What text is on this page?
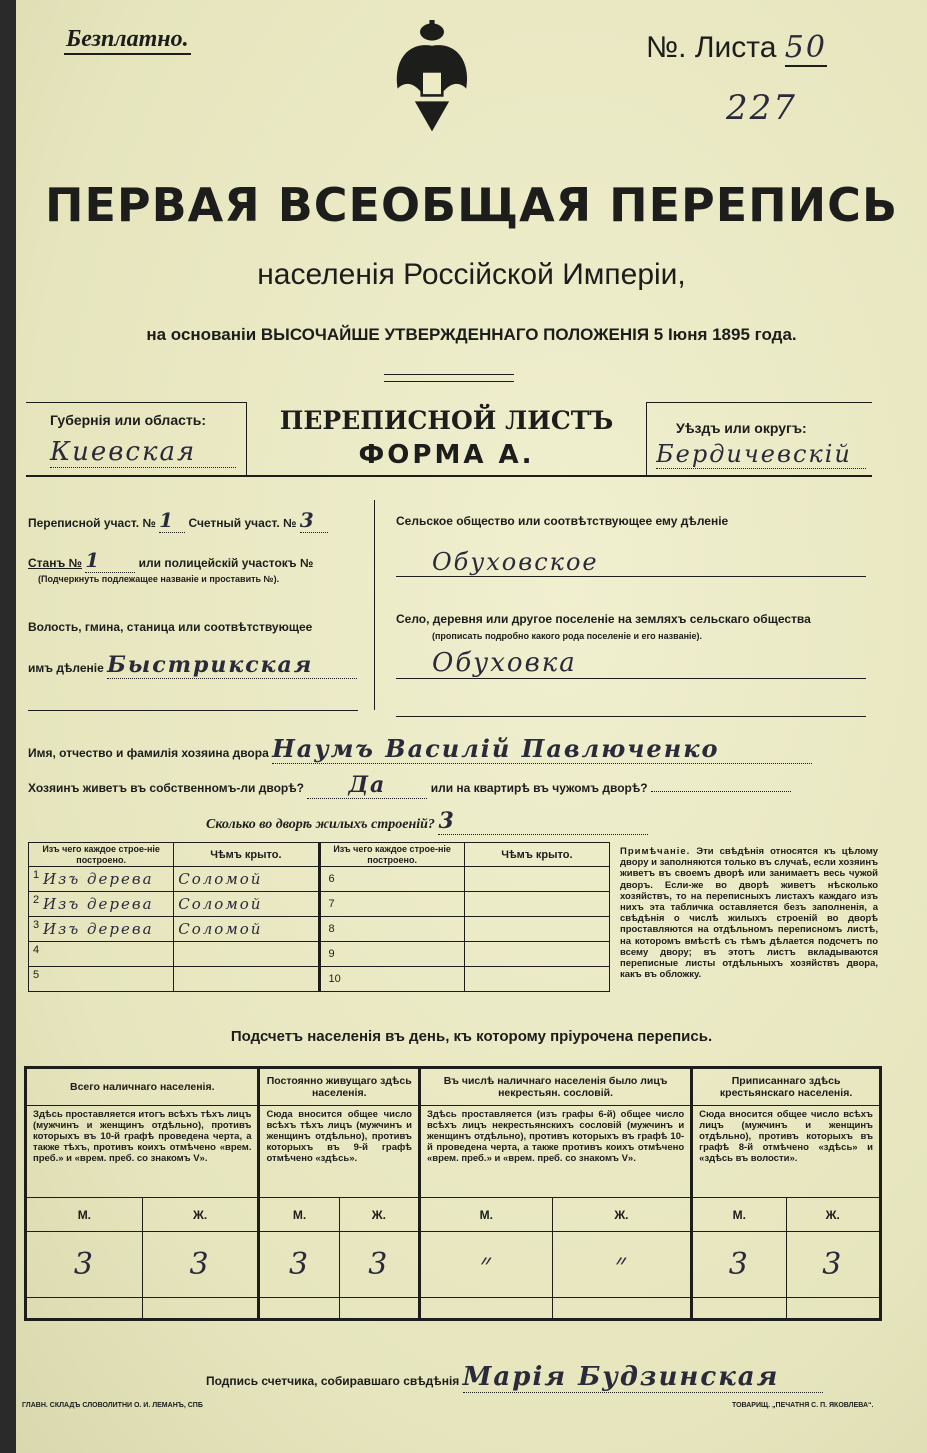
Безплатно.	№. Листа 50
227
ПЕРВАЯ ВСЕОБЩАЯ ПЕРЕПИСЬ
населенія Россійской Имперіи,
на основаніи ВЫСОЧАЙШЕ УТВЕРЖДЕННАГО ПОЛОЖЕНІЯ 5 Іюня 1895 года.
Губернія или область:
Киевская
ПЕРЕПИСНОЙ ЛИСТЪ
ФОРМА А.
Уѣздъ или округъ:
Бердичевскій
Переписной участ. № 1 Счетный участ. № 3
Станъ № 1	или полицейскій участокъ №
(Подчеркнуть подлежащее названіе и проставить №).
Волость, гмина, станица или соотвѣтствующее
имъ дѣленіе Быстрикская
Сельское общество или соотвѣтствующее ему дѣленіе
Обуховское
Село, деревня или другое поселеніе на земляхъ сельскаго общества
(прописать подробно какого рода поселеніе и его названіе).
Обуховка
Имя, отчество и фамилія хозяина двора Наумъ Василій Павлюченко
Хозяинъ живетъ въ собственномъ-ли дворѣ? Да	или на квартирѣ въ чужомъ дворѣ?
Сколько во дворѣ жилыхъ строеній? 3
Изъ чего каждое строе-ніе построено.	Чѣмъ крыто.	Изъ чего каждое строе-ніе построено.	Чѣмъ крыто.

1 Изъ дерева	Соломой	6	

2 Изъ дерева	Соломой	7	

3 Изъ дерева	Соломой	8	

4		9	

5		10	

Примѣчаніе. Эти свѣдѣнія относятся къ цѣлому двору и заполняются только въ случаѣ, если хозяинъ живетъ въ своемъ дворѣ или занимаетъ весь чужой дворъ. Если-же во дворѣ живетъ нѣсколько хозяйствъ, то на переписныхъ листахъ каждаго изъ нихъ эта табличка оставляется безъ заполненія, а свѣдѣнія о числѣ жилыхъ строеній во дворѣ проставляются на отдѣльномъ переписномъ листѣ, на которомъ вмѣстѣ съ тѣмъ дѣлается подсчетъ по всему двору; въ этотъ листъ вкладываются переписные листы отдѣльныхъ хозяйствъ двора, какъ въ обложку.
Подсчетъ населенія въ день, къ которому пріурочена перепись.
Всего наличнаго населенія.		Постоянно живущаго здѣсь населенія.		Въ числѣ наличнаго населенія было лицъ некрестьян. сословій.		Приписаннаго здѣсь крестьянскаго населенія.	
Здѣсь проставляется итогъ всѣхъ тѣхъ лицъ (мужчинъ и женщинъ отдѣльно), противъ которыхъ въ 10-й графѣ проведена черта, а также тѣхъ, противъ коихъ отмѣчено «врем. преб.» и «врем. преб. со знакомъ V».		Сюда вносится общее число всѣхъ тѣхъ лицъ (мужчинъ и женщинъ отдѣльно), противъ которыхъ въ 9-й графѣ отмѣчено «здѣсь».		Здѣсь проставляется (изъ графы 6-й) общее число всѣхъ лицъ некрестьянскихъ сословій (мужчинъ и женщинъ отдѣльно), противъ которыхъ въ графѣ 10-й проведена черта, а также противъ коихъ отмѣчено «врем. преб.» и «врем. преб. со знакомъ V».		Сюда вносится общее число всѣхъ лицъ (мужчинъ и женщинъ отдѣльно), противъ которыхъ въ графѣ 8-й отмѣчено «здѣсь» и «здѣсь въ волости».	
М.	Ж.	М.	Ж.	М.	Ж.	М.	Ж.
3	3	3	3	״	״	3	3

Подпись счетчика, собиравшаго свѣдѣнія Марія Будзинская
ГЛАВН. СКЛАДЪ СЛОВОЛИТНИ О. И. ЛЕМАНЪ, СПБ	ТОВАРИЩ. „ПЕЧАТНЯ С. П. ЯКОВЛЕВА“.
